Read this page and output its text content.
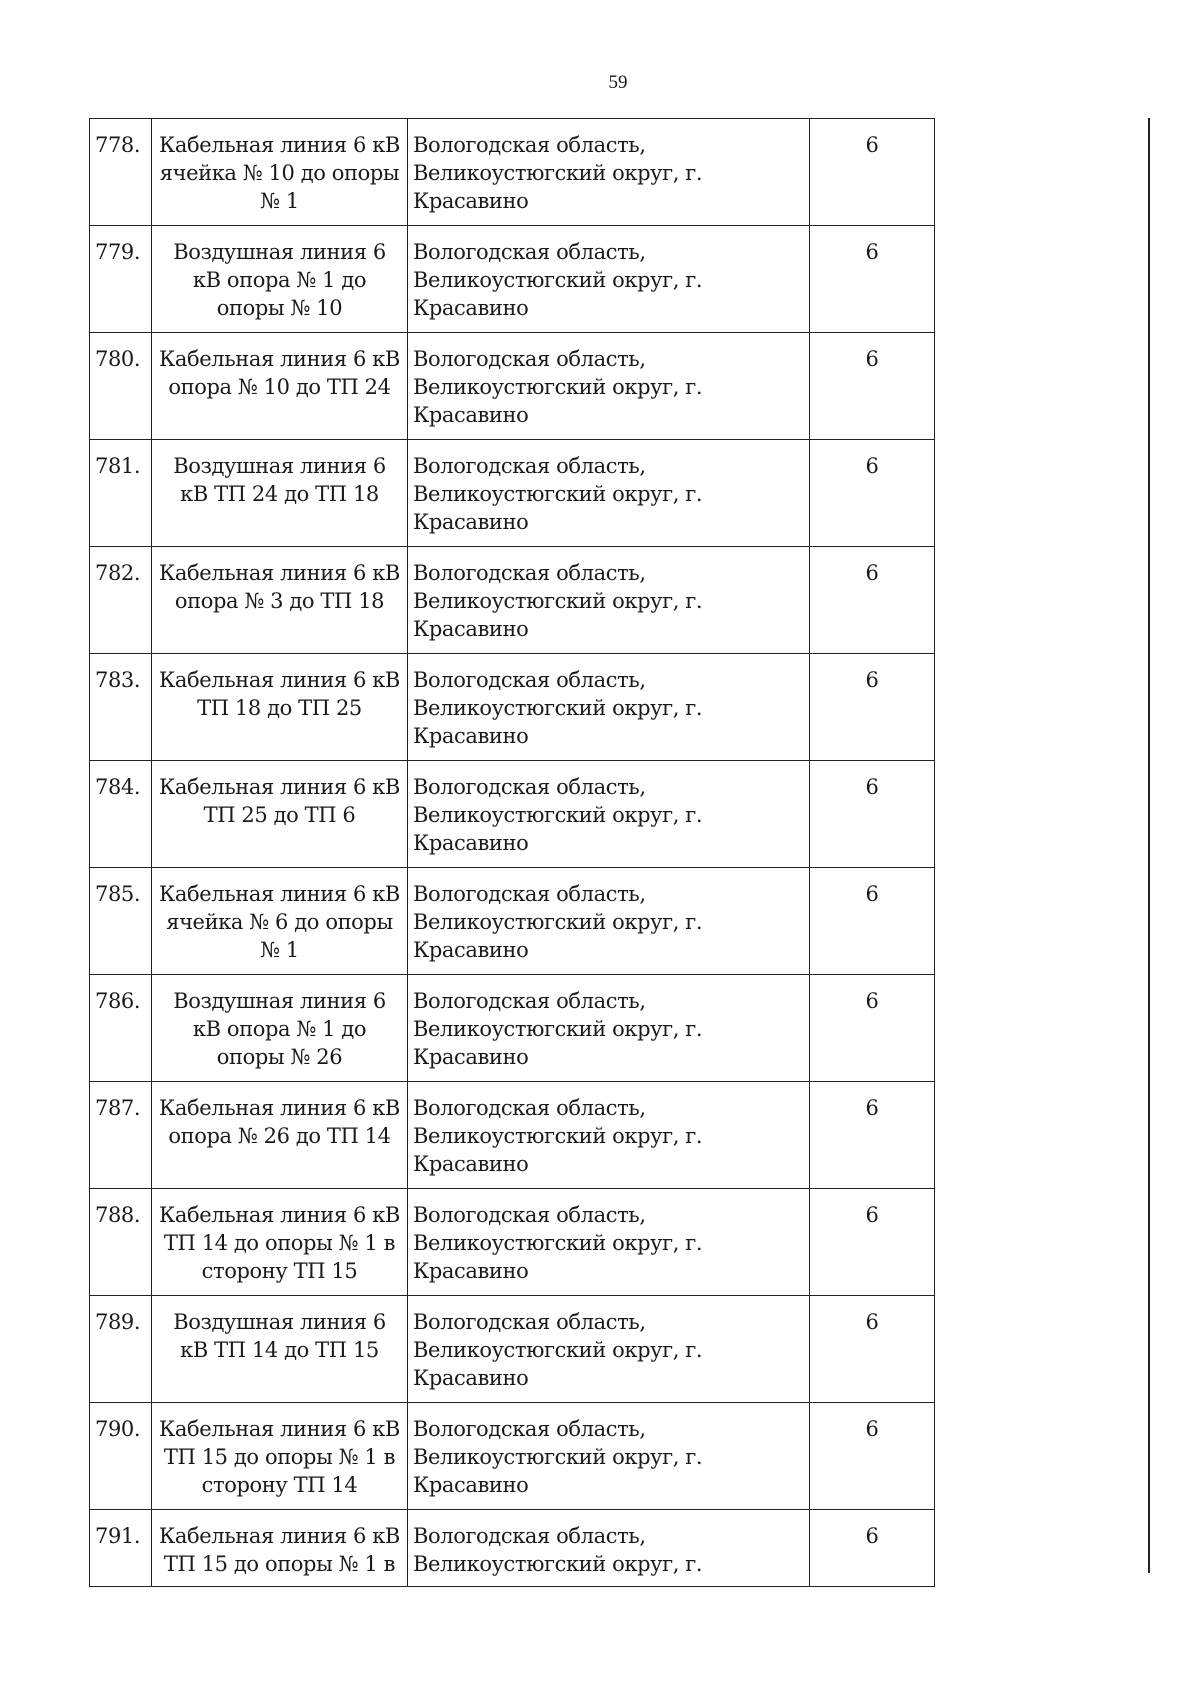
59
778.	Кабельная линия 6 кВ ячейка № 10 до опоры № 1	Вологодская область, Великоустюгский округ, г. Красавино	6
779.	Воздушная линия 6 кВ опора № 1 до опоры № 10	Вологодская область, Великоустюгский округ, г. Красавино	6
780.	Кабельная линия 6 кВ опора № 10 до ТП 24	Вологодская область, Великоустюгский округ, г. Красавино	6
781.	Воздушная линия 6 кВ ТП 24 до ТП 18	Вологодская область, Великоустюгский округ, г. Красавино	6
782.	Кабельная линия 6 кВ опора № 3 до ТП 18	Вологодская область, Великоустюгский округ, г. Красавино	6
783.	Кабельная линия 6 кВ ТП 18 до ТП 25	Вологодская область, Великоустюгский округ, г. Красавино	6
784.	Кабельная линия 6 кВ ТП 25 до ТП 6	Вологодская область, Великоустюгский округ, г. Красавино	6
785.	Кабельная линия 6 кВ ячейка № 6 до опоры № 1	Вологодская область, Великоустюгский округ, г. Красавино	6
786.	Воздушная линия 6 кВ опора № 1 до опоры № 26	Вологодская область, Великоустюгский округ, г. Красавино	6
787.	Кабельная линия 6 кВ опора № 26 до ТП 14	Вологодская область, Великоустюгский округ, г. Красавино	6
788.	Кабельная линия 6 кВ ТП 14 до опоры № 1 в сторону ТП 15	Вологодская область, Великоустюгский округ, г. Красавино	6
789.	Воздушная линия 6 кВ ТП 14 до ТП 15	Вологодская область, Великоустюгский округ, г. Красавино	6
790.	Кабельная линия 6 кВ ТП 15 до опоры № 1 в сторону ТП 14	Вологодская область, Великоустюгский округ, г. Красавино	6
791.	Кабельная линия 6 кВ ТП 15 до опоры № 1 в	Вологодская область, Великоустюгский округ, г.	6
